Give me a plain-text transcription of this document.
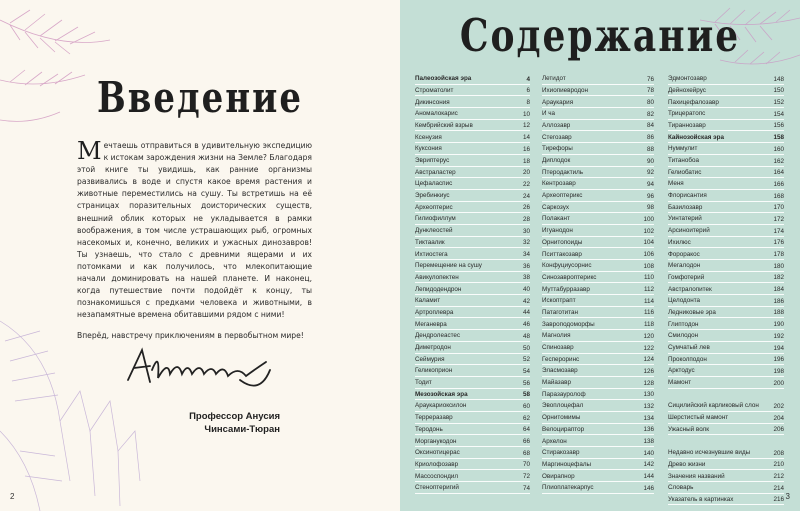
Введение

Мечтаешь отправиться в удивительную экспедицию к истокам зарождения жизни на Земле? Благодаря этой книге ты увидишь, как ранние организмы развивались в воде и спустя какое время растения и животные переместились на сушу. Ты встретишь на её страницах поразительных доисторических существ, внешний облик которых не укладывается в рамки воображения, в том числе устрашающих рыб, огромных насекомых и, конечно, великих и ужасных динозавров! Ты узнаешь, что стало с древними ящерами и их потомками и как получилось, что млекопитающие начали доминировать на нашей планете. И наконец, когда путешествие почти подойдёт к концу, ты познакомишься с предками человека и животными, в незапамятные времена обитавшими рядом с ними!

Вперёд, навстречу приключениям в первобытном мире!

Профессор Анусия
Чинсами-Тюран
2
Содержание
Палеозойская эра	4
Строматолит	6
Дикинсония	8
Аномалокарис	10
Кембрийский взрыв	12
Ксенузия	14
Куксония	16
Эвриптерус	18
Австраластер	20
Цефаласпис	22
Эребинкиус	24
Археоптерис	26
Гилиофиллум	28
Дунклеостей	30
Тиктаалик	32
Ихтиостега	34
Перемещение на сушу	36
Авикулопектен	38
Лепидодендрон	40
Каламит	42
Артроплевра	44
Меганевра	46
Дендролеастес	48
Диметродон	50
Сеймурия	52
Геликоприон	54
Тодит	56
Мезозойская эра	58
Араукариоксилон	60
Терреразавр	62
Теродонь	64
Морганукодон	66
Оксинотицерас	68
Криолофозавр	70
Массоспондил	72
Стеноптеригий	74
Летидот	76
Ихиопиевродон	78
Араукария	80
И ча	82
Аллозавр	84
Стегозавр	86
Тирефоры	88
Диплодок	90
Птеродактиль	92
Кентрозавр	94
Археоптерикс	96
Саркозух	98
Полакант	100
Игуанодон	102
Орнитопоиды	104
Пситтакозавр	106
Конфуциусорнис	108
Синозавроптерикс	110
Муттабурразавр	112
Ископтрапт	114
Патаготитан	116
Завроподоморфы	118
Магнолия	120
Спинозавр	122
Геспероринс	124
Эласмозавр	126
Майазавр	128
Паразауролоф	130
Эвоплоцефал	132
Орнитомимы	134
Велоцираптор	136
Архелон	138
Стиракозавр	140
Маргиноцефалы	142
Овирапнор	144
Плиоплатекарпус	146
Эдмонтозавр	148
Дейнохейрус	150
Пахицефалозавр	152
Трицератопс	154
Тираннозавр	156
Кайнозойская эра	158
Нуммулит	160
Титанобоа	162
Гелиобатис	164
Меня	166
Флорисантия	168
Базилозавр	170
Уинтатерий	172
Арсиноитерий	174
Ихилюс	176
Фороракос	178
Мегалодон	180
Гомфотерий	182
Австралопитек	184
Целодонта	186
Ледниковые эра	188
Глиптодон	190
Смилодон	192
Сумчатый лев	194
Проколподон	196
Арктодус	198
Мамонт	200
Сицилийский карликовый слон	202
Шерстистый мамонт	204
Ужасный волк	206
Недавно исчезнувшие виды	208
Древо жизни	210
Значения названий	212
Словарь	214
Указатель в картинках	216 3
